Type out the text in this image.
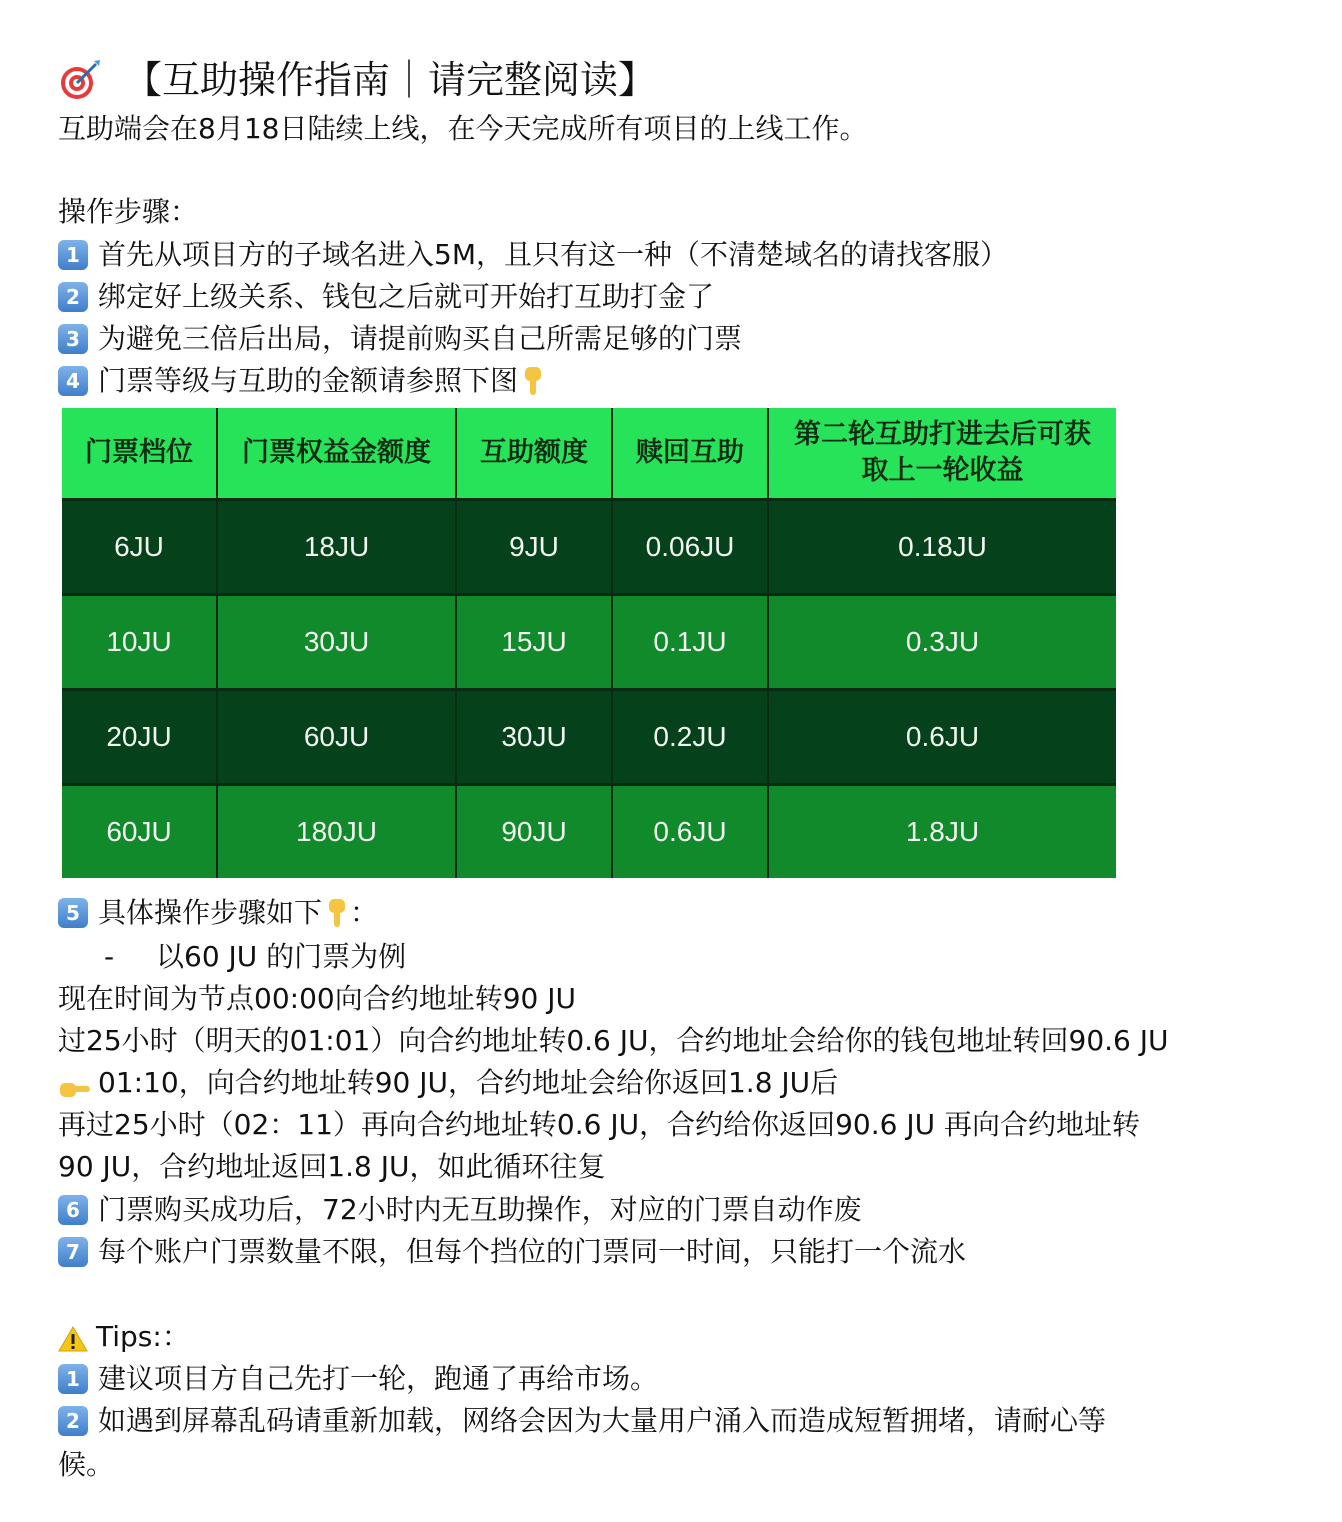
【互助操作指南｜请完整阅读】
互助端会在8月18日陆续上线，在今天完成所有项目的上线工作。
操作步骤：
1 首先从项目方的子域名进入5M，且只有这一种（不清楚域名的请找客服）
2 绑定好上级关系、钱包之后就可开始打互助打金了
3 为避免三倍后出局，请提前购买自己所需足够的门票
4 门票等级与互助的金额请参照下图
门票档位	门票权益金额度	互助额度	赎回互助	第二轮互助打进去后可获取上一轮收益
6JU	18JU	9JU	0.06JU	0.18JU
10JU	30JU	15JU	0.1JU	0.3JU
20JU	60JU	30JU	0.2JU	0.6JU
60JU	180JU	90JU	0.6JU	1.8JU
5 具体操作步骤如下 ：
-	以60 JU 的门票为例
现在时间为节点00:00向合约地址转90 JU
过25小时（明天的01:01）向合约地址转0.6 JU，合约地址会给你的钱包地址转回90.6 JU
01:10，向合约地址转90 JU，合约地址会给你返回1.8 JU后
再过25小时（02：11）再向合约地址转0.6 JU，合约给你返回90.6 JU 再向合约地址转
90 JU，合约地址返回1.8 JU，如此循环往复
6 门票购买成功后，72小时内无互助操作，对应的门票自动作废
7 每个账户门票数量不限，但每个挡位的门票同一时间，只能打一个流水
Tips:：
1 建议项目方自己先打一轮，跑通了再给市场。
2 如遇到屏幕乱码请重新加载，网络会因为大量用户涌入而造成短暂拥堵，请耐心等
候。
